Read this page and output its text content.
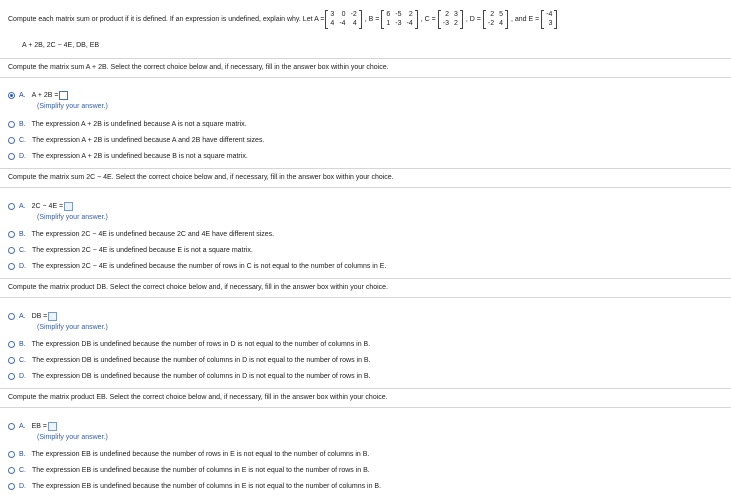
Compute each matrix sum or product if it is defined. If an expression is undefined, explain why. Let A =
3	0 -2
4 -4	4
, B =
6 -5	2
1 -3 -4
, C =
2 3
-3 2
, D =
2 5
-2 4
, and E =
-4
3
A + 2B, 2C − 4E, DB, EB
Compute the matrix sum A + 2B. Select the correct choice below and, if necessary, fill in the answer box within your choice.
A. A + 2B =
(Simplify your answer.)
B. The expression A + 2B is undefined because A is not a square matrix.
C. The expression A + 2B is undefined because A and 2B have different sizes.
D. The expression A + 2B is undefined because B is not a square matrix.
Compute the matrix sum 2C − 4E. Select the correct choice below and, if necessary, fill in the answer box within your choice.
A. 2C − 4E =
(Simplify your answer.)
B. The expression 2C − 4E is undefined because 2C and 4E have different sizes.
C. The expression 2C − 4E is undefined because E is not a square matrix.
D. The expression 2C − 4E is undefined because the number of rows in C is not equal to the number of columns in E.
Compute the matrix product DB. Select the correct choice below and, if necessary, fill in the answer box within your choice.
A. DB =
(Simplify your answer.)
B. The expression DB is undefined because the number of rows in D is not equal to the number of columns in B.
C. The expression DB is undefined because the number of columns in D is not equal to the number of rows in B.
D. The expression DB is undefined because the number of columns in D is not equal to the number of rows in B.
Compute the matrix product EB. Select the correct choice below and, if necessary, fill in the answer box within your choice.
A. EB =
(Simplify your answer.)
B. The expression EB is undefined because the number of rows in E is not equal to the number of columns in B.
C. The expression EB is undefined because the number of columns in E is not equal to the number of rows in B.
D. The expression EB is undefined because the number of columns in E is not equal to the number of columns in B.
